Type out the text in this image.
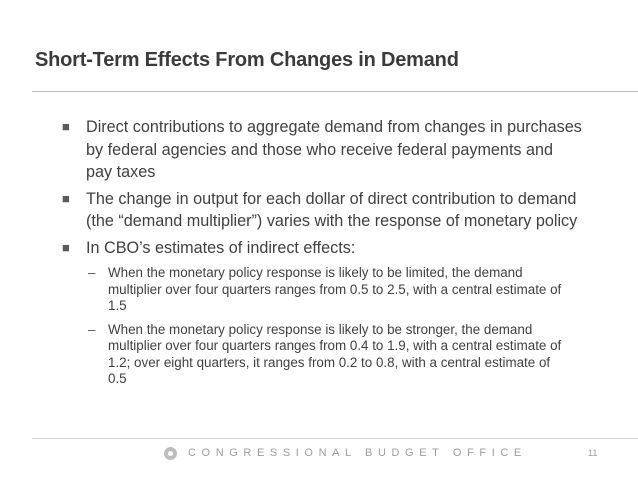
Short-Term Effects From Changes in Demand
■ Direct contributions to aggregate demand from changes in purchases by federal agencies and those who receive federal payments and pay taxes
■ The change in output for each dollar of direct contribution to demand (the “demand multiplier”) varies with the response of monetary policy
■ In CBO’s estimates of indirect effects:
– When the monetary policy response is likely to be limited, the demand multiplier over four quarters ranges from 0.5 to 2.5, with a central estimate of 1.5
– When the monetary policy response is likely to be stronger, the demand multiplier over four quarters ranges from 0.4 to 1.9, with a central estimate of 1.2; over eight quarters, it ranges from 0.2 to 0.8, with a central estimate of 0.5
CONGRESSIONAL BUDGET OFFICE	11
